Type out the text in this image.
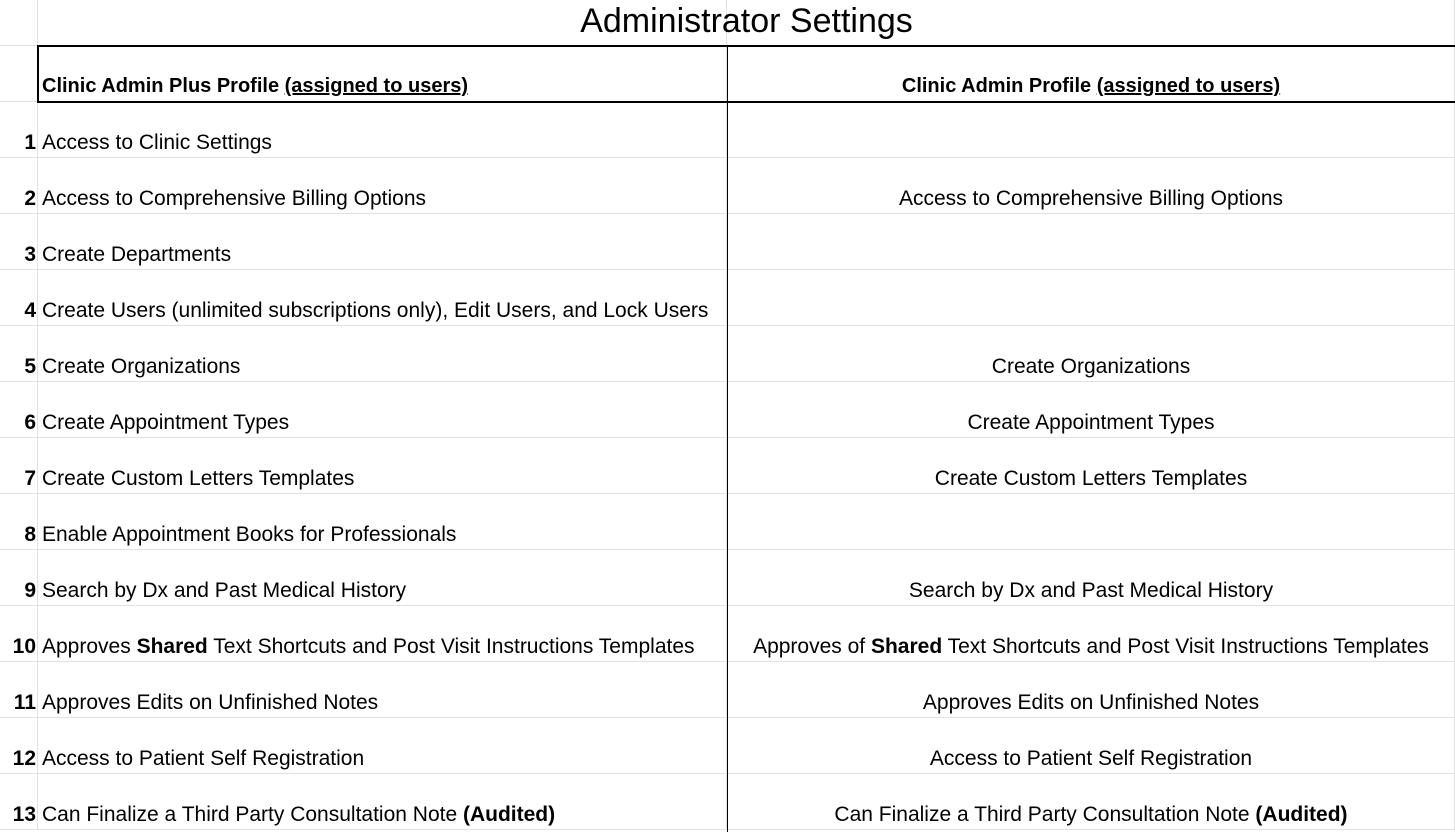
Administrator Settings
Clinic Admin Plus Profile (assigned to users)	Clinic Admin Profile (assigned to users)
1 Access to Clinic Settings
2 Access to Comprehensive Billing Options	Access to Comprehensive Billing Options
3 Create Departments
4 Create Users (unlimited subscriptions only), Edit Users, and Lock Users
5 Create Organizations	Create Organizations
6 Create Appointment Types	Create Appointment Types
7 Create Custom Letters Templates	Create Custom Letters Templates
8 Enable Appointment Books for Professionals
9 Search by Dx and Past Medical History	Search by Dx and Past Medical History
10 Approves Shared Text Shortcuts and Post Visit Instructions Templates	Approves of Shared Text Shortcuts and Post Visit Instructions Templates
11 Approves Edits on Unfinished Notes	Approves Edits on Unfinished Notes
12 Access to Patient Self Registration	Access to Patient Self Registration
13 Can Finalize a Third Party Consultation Note (Audited)	Can Finalize a Third Party Consultation Note (Audited)
